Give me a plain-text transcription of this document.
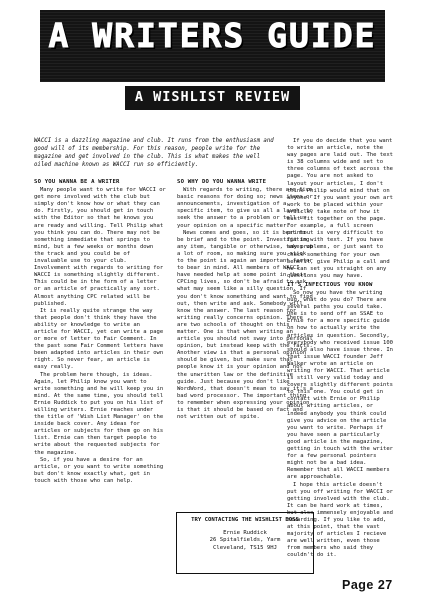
A WRITERS GUIDE
A WISHLIST REVIEW

WACCI is a dazzling magazine and club. It runs from the enthusiasm and good will of its membership. For this reason, people write for the magazine and get involved in the club. This is what makes the well oiled machine known as WACCI run so efficiently.

SO YOU WANNA BE A WRITER

Many people want to write for WACCI or get more involved with the club but simply don't know how or what they can do. Firstly, you should get in touch with the Editor so that he knows you are ready and willing. Tell Philip what you think you can do. There may not be something immediate that springs to mind, but a few weeks or months down the track and you could be of invaluable use to your club. Involvement with regards to writing for WACCI is something slightly different. This could be in the form of a letter or an article of practically any sort. Almost anything CPC related will be published.

It is really quite strange the way that people don't think they have the ability or knowledge to write an article for WACCI, yet can write a page or more of letter to Fair Comment. In the past some Fair Comment letters have been adapted into articles in their own right. So never fear, an article is easy really.

The problem here though, is ideas. Again, let Philip know you want to write something and he will keep you in mind. At the same time, you should tell Ernie Ruddick to put you on his list of willing writers. Ernie reaches under the title of 'Wish List Manager' on the inside back cover. Any ideas for articles or subjects for them go on his list. Ernie can then target people to write about the requested subjects for the magazine.

So, if you have a desire for an article, or you want to write something but don't know exactly what, get in touch with those who can help.

SO WHY DO YOU WANNA WRITE

With regards to writing, there are five basic reasons for doing so; news items or announcements, investigation of a specific item, to give us all a laugh, to seek the answer to a problem or tell us your opinion on a specific matter.

News comes and goes, so it is best to be brief and to the point. Investigating any item, tangible or otherwise, takes up a lot of room, so making sure you stick to the point is again an important factor to bear in mind. All members of WACCI have needed help at some point in their CPCing lives, so don't be afraid to ask what may seem like a silly question. If you don't know something and want to find out, then write and ask. Somebody will know the answer. The last reason for writing really concerns opinion. There are two schools of thought on this matter. One is that when writing an article you should not sway into personal opinion, but instead keep with the facts. Another view is that a personal opinion should be given, but make sure that people know it is your opinion and not the unwritten law or the definitive guide. Just because you don't like WordWord, that doesn't mean to say it's a bad word processor. The important thing to remember when expressing your opinion, is that it should be based on fact and not written out of spite.

TRY CONTACTING THE WISHLIST BOSS
Ernie Ruddick
26 Spitalfields, Yarm
Cleveland, TS15 9HJ

If you do decide that you want to write an article, note the way pages are laid out. The text is 38 columns wide and set to three columns of text across the page. You are not asked to layout your articles, I don't think Philip would mind that on anyone. If you want your own art work to be placed within your article, take note of how it must fit together on the page. For example, a full screen printout is very difficult to fit in with text. If you have any problems, or just want to check something for your own benefit, give Philip a call and he can set you straight on any questions you may have.

IT'S INFECTIOUS YOU KNOW

So now you have the writing bug, what do you do? There are several paths you could take. One is to send off an SSAE to Ernie for a more specific guide on how to actually write the articles in question. Secondly, everybody who received issue 100 should also have issue three. In that issue WACCI founder Jeff Walker wrote an article on writing for WACCI. That article is still very valid today and covers slightly different points to this one. You could get in contact with Ernie or Philip about writing articles, or indeed anybody you think could give you advice on the article you want to write. Perhaps if you have seen a particularly good article in the magazine, getting in touch with the writer for a few personal pointers might not be a bad idea. Remember that all WACCI members are approachable.

I hope this article doesn't put you off writing for WACCI or getting involved with the club. It can be hard work at times, but also immensely enjoyable and rewarding. If you like to add, at this point, that the vast majority of articles I recieve are well written, even those from members who said they couldn't do it.

Page 27
